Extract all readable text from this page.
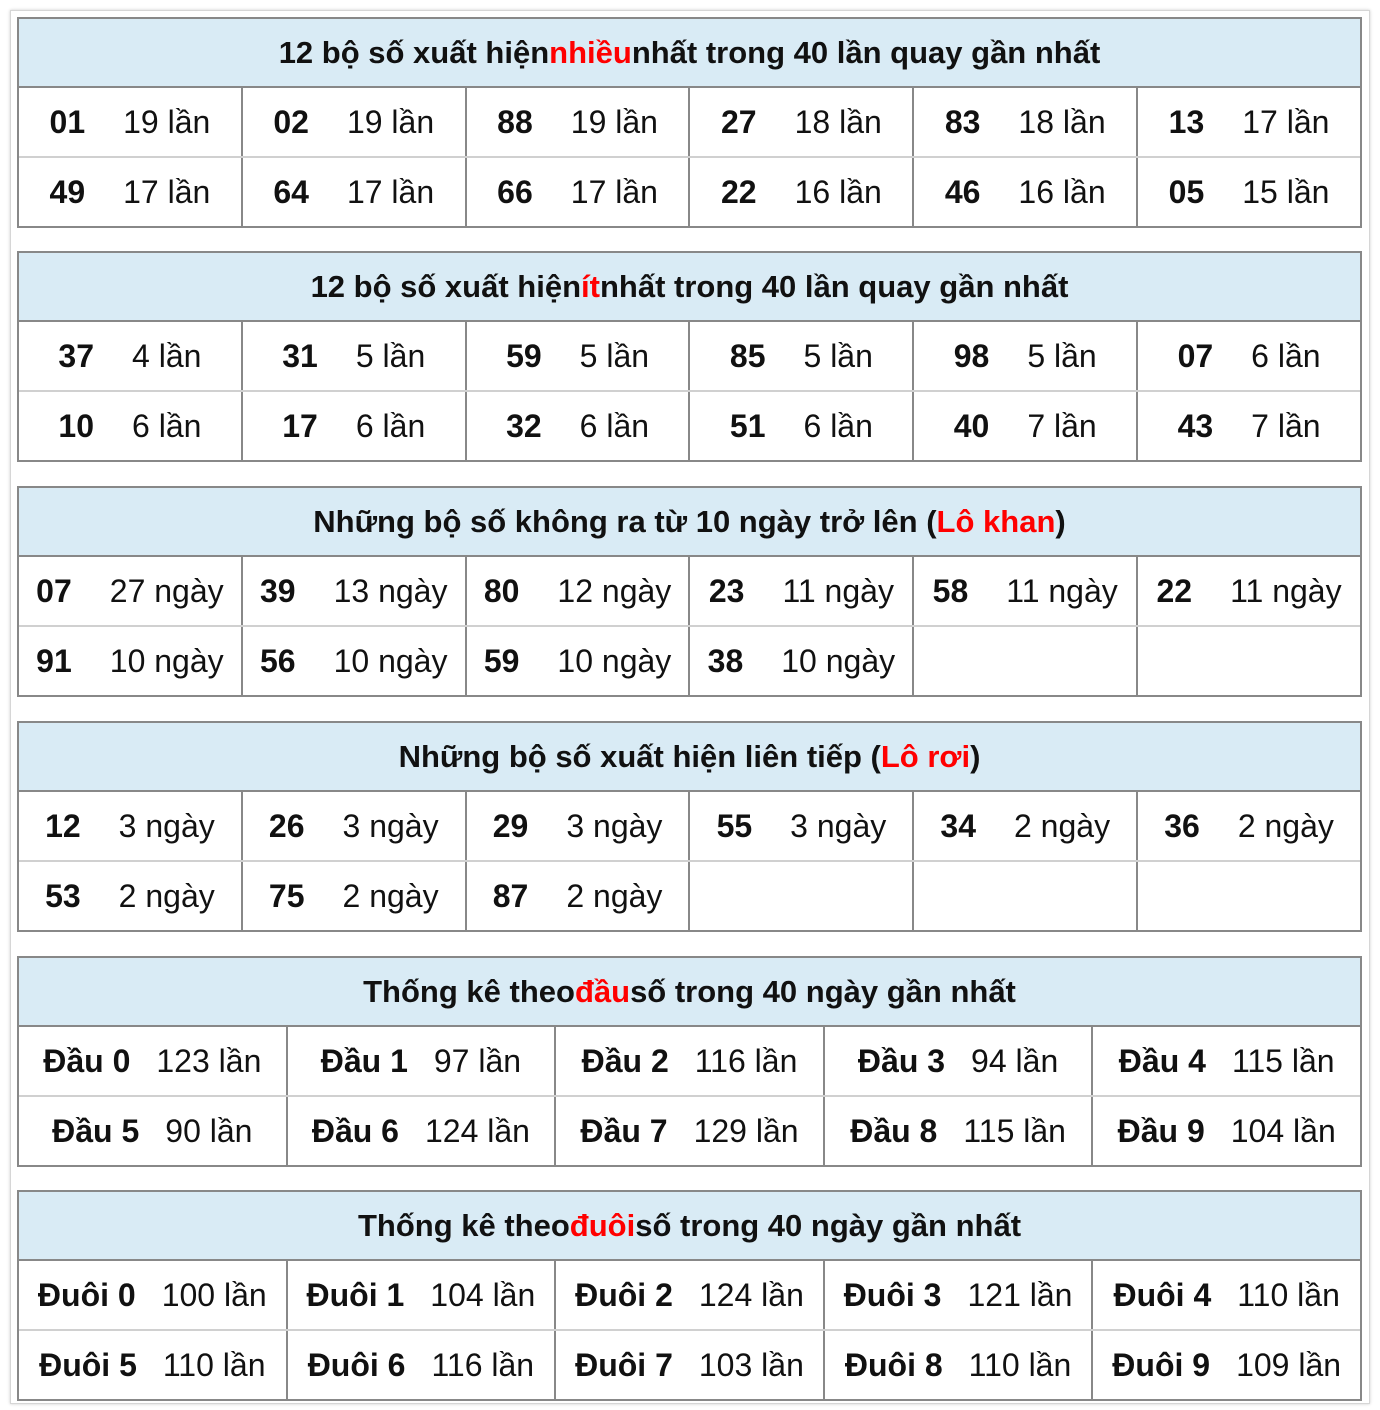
12 bộ số xuất hiện nhiều nhất trong 40 lần quay gần nhất
01 19 lần 02 19 lần 88 19 lần 27 18 lần 83 18 lần 13 17 lần
49 17 lần 64 17 lần 66 17 lần 22 16 lần 46 16 lần 05 15 lần
12 bộ số xuất hiện ít nhất trong 40 lần quay gần nhất
37 4 lần	31 5 lần	59 5 lần	85 5 lần	98 5 lần	07 6 lần
10 6 lần	17 6 lần	32 6 lần	51 6 lần	40 7 lần	43 7 lần
Những bộ số không ra từ 10 ngày trở lên ( Lô khan )
07 27 ngày 39 13 ngày 80 12 ngày 23 11 ngày 58 11 ngày 22 11 ngày
91 10 ngày 56 10 ngày 59 10 ngày 38 10 ngày
Những bộ số xuất hiện liên tiếp ( Lô rơi )
12 3 ngày 26 3 ngày 29 3 ngày 55 3 ngày 34 2 ngày 36 2 ngày
53 2 ngày 75 2 ngày 87 2 ngày
Thống kê theo đầu số trong 40 ngày gần nhất
Đầu 0 123 lần Đầu 1 97 lần Đầu 2 116 lần Đầu 3 94 lần Đầu 4 115 lần
Đầu 5 90 lần Đầu 6 124 lần Đầu 7 129 lần Đầu 8 115 lần Đầu 9 104 lần
Thống kê theo đuôi số trong 40 ngày gần nhất
Đuôi 0 100 lần Đuôi 1 104 lần Đuôi 2 124 lần Đuôi 3 121 lần Đuôi 4 110 lần
Đuôi 5 110 lần Đuôi 6 116 lần Đuôi 7 103 lần Đuôi 8 110 lần Đuôi 9 109 lần
